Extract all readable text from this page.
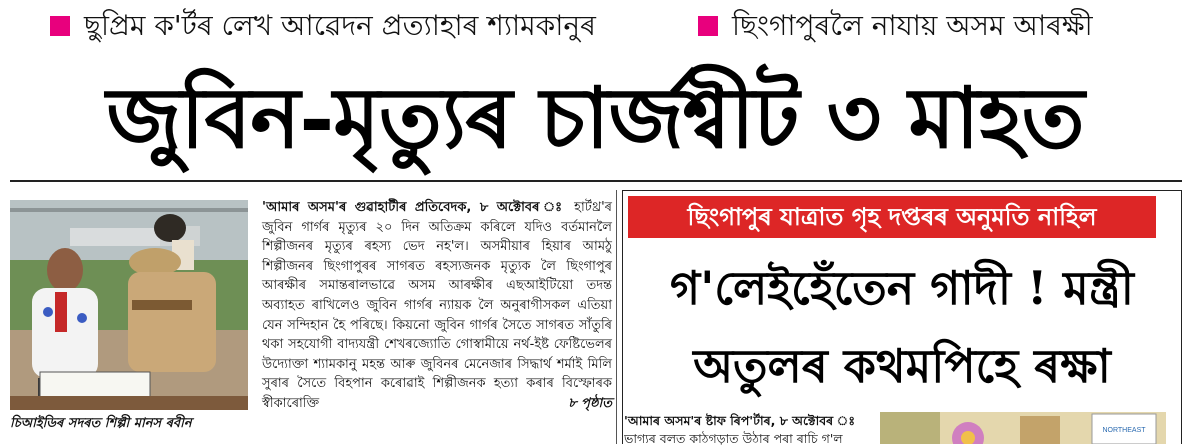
ছুপ্ৰিম ক'ৰ্টৰ লেখ আৱেদন প্ৰত্যাহাৰ শ্যামকানুৰ	ছিংগাপুৰলৈ নাযায় অসম আৰক্ষী
জুবিন-মৃত্যুৰ চাৰ্জশ্বীট ৩ মাহত
চিআইডিৰ সদৰত শিল্পী মানস ৰবীন
'আমাৰ অসম'ৰ গুৱাহাটীৰ প্ৰতিবেদক, ৮ অক্টোবৰ ঃ হাৰ্টথ্ৰ'ৰ জুবিন গাৰ্গৰ মৃত্যুৰ ২০ দিন অতিক্ৰম কৰিলে যদিও বৰ্তমানলৈ শিল্পীজনৰ মৃত্যুৰ ৰহস্য ভেদ নহ'ল। অসমীয়াৰ হিয়াৰ আমঠু শিল্পীজনৰ ছিংগাপুৰৰ সাগৰত ৰহস্যজনক মৃত্যুক লৈ ছিংগাপুৰ আৰক্ষীৰ সমান্তৰালভাৱে অসম আৰক্ষীৰ এছআইটিয়ো তদন্ত অব্যাহত ৰাখিলেও জুবিন গাৰ্গৰ ন্যায়ক লৈ অনুৰাগীসকল এতিয়া যেন সন্দিহান হৈ পৰিছে। কিয়নো জুবিন গাৰ্গৰ সৈতে সাগৰত সাঁতুৰি থকা সহযোগী বাদ্যযন্ত্ৰী শেখৰজ্যোতি গোস্বামীয়ে নৰ্থ-ইষ্ট ফেষ্টিভেলৰ উদ্যোক্তা শ্যামকানু মহন্ত আৰু জুবিনৰ মেনেজাৰ সিদ্ধাৰ্থ শৰ্মাই মিলি সুৰাৰ সৈতে বিহপান কৰোৱাই শিল্পীজনক হত্যা কৰাৰ বিস্ফোৰক স্বীকাৰোক্তি	৮ পৃষ্ঠাত
ছিংগাপুৰ যাত্ৰাত গৃহ দপ্তৰৰ অনুমতি নাহিল
গ'লেইহেঁতেন গাদী ! মন্ত্ৰী
অতুলৰ কথমপিহে ৰক্ষা
'আমাৰ অসম'ৰ ষ্টাফ ৰিপ'ৰ্টাৰ, ৮ অক্টোবৰ ঃ
ভাগ্যৰ বলত কাঠগড়াত উঠাৰ পৰা ৰাচি গ'ল
NORTHEAST
